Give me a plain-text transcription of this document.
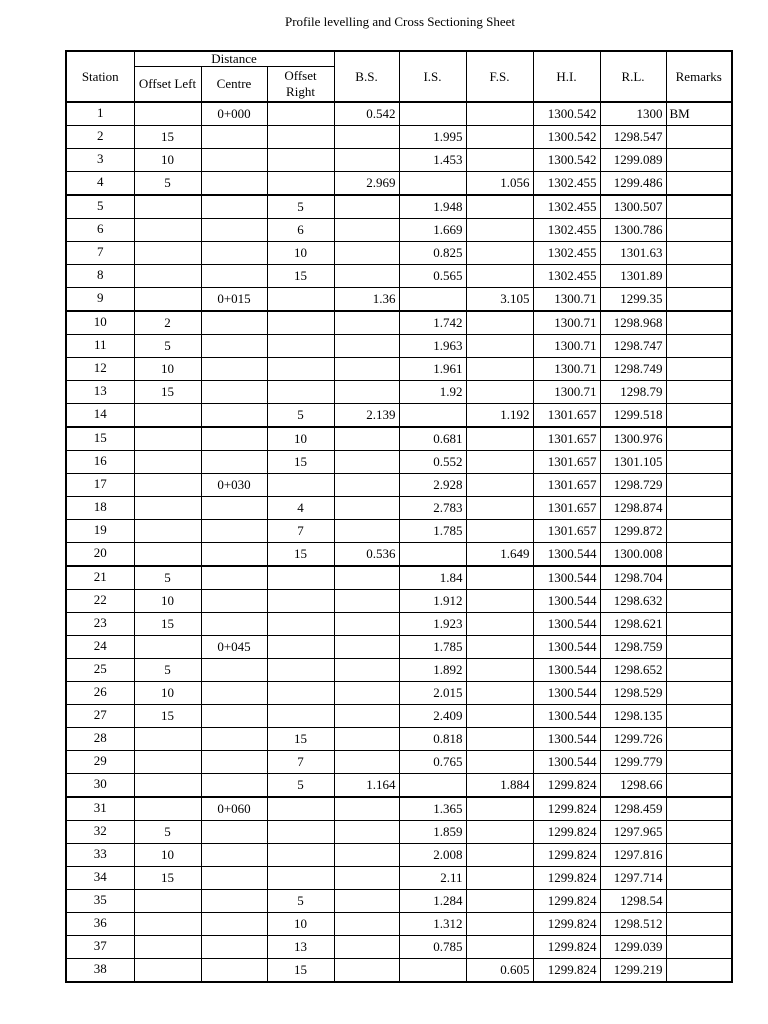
Profile levelling and Cross Sectioning Sheet
Station	Distance			B.S.	I.S.	F.S.	H.I.	R.L.	Remarks
	Offset Left	Centre	Offset Right						
1		0+000		0.542			1300.542	1300	BM
2	15				1.995		1300.542	1298.547	
3	10				1.453		1300.542	1299.089	
4	5			2.969		1.056	1302.455	1299.486	
5			5		1.948		1302.455	1300.507	
6			6		1.669		1302.455	1300.786	
7			10		0.825		1302.455	1301.63	
8			15		0.565		1302.455	1301.89	
9		0+015		1.36		3.105	1300.71	1299.35	
10	2				1.742		1300.71	1298.968	
11	5				1.963		1300.71	1298.747	
12	10				1.961		1300.71	1298.749	
13	15				1.92		1300.71	1298.79	
14			5	2.139		1.192	1301.657	1299.518	
15			10		0.681		1301.657	1300.976	
16			15		0.552		1301.657	1301.105	
17		0+030			2.928		1301.657	1298.729	
18			4		2.783		1301.657	1298.874	
19			7		1.785		1301.657	1299.872	
20			15	0.536		1.649	1300.544	1300.008	
21	5				1.84		1300.544	1298.704	
22	10				1.912		1300.544	1298.632	
23	15				1.923		1300.544	1298.621	
24		0+045			1.785		1300.544	1298.759	
25	5				1.892		1300.544	1298.652	
26	10				2.015		1300.544	1298.529	
27	15				2.409		1300.544	1298.135	
28			15		0.818		1300.544	1299.726	
29			7		0.765		1300.544	1299.779	
30			5	1.164		1.884	1299.824	1298.66	
31		0+060			1.365		1299.824	1298.459	
32	5				1.859		1299.824	1297.965	
33	10				2.008		1299.824	1297.816	
34	15				2.11		1299.824	1297.714	
35			5		1.284		1299.824	1298.54	
36			10		1.312		1299.824	1298.512	
37			13		0.785		1299.824	1299.039	
38			15			0.605	1299.824	1299.219	
